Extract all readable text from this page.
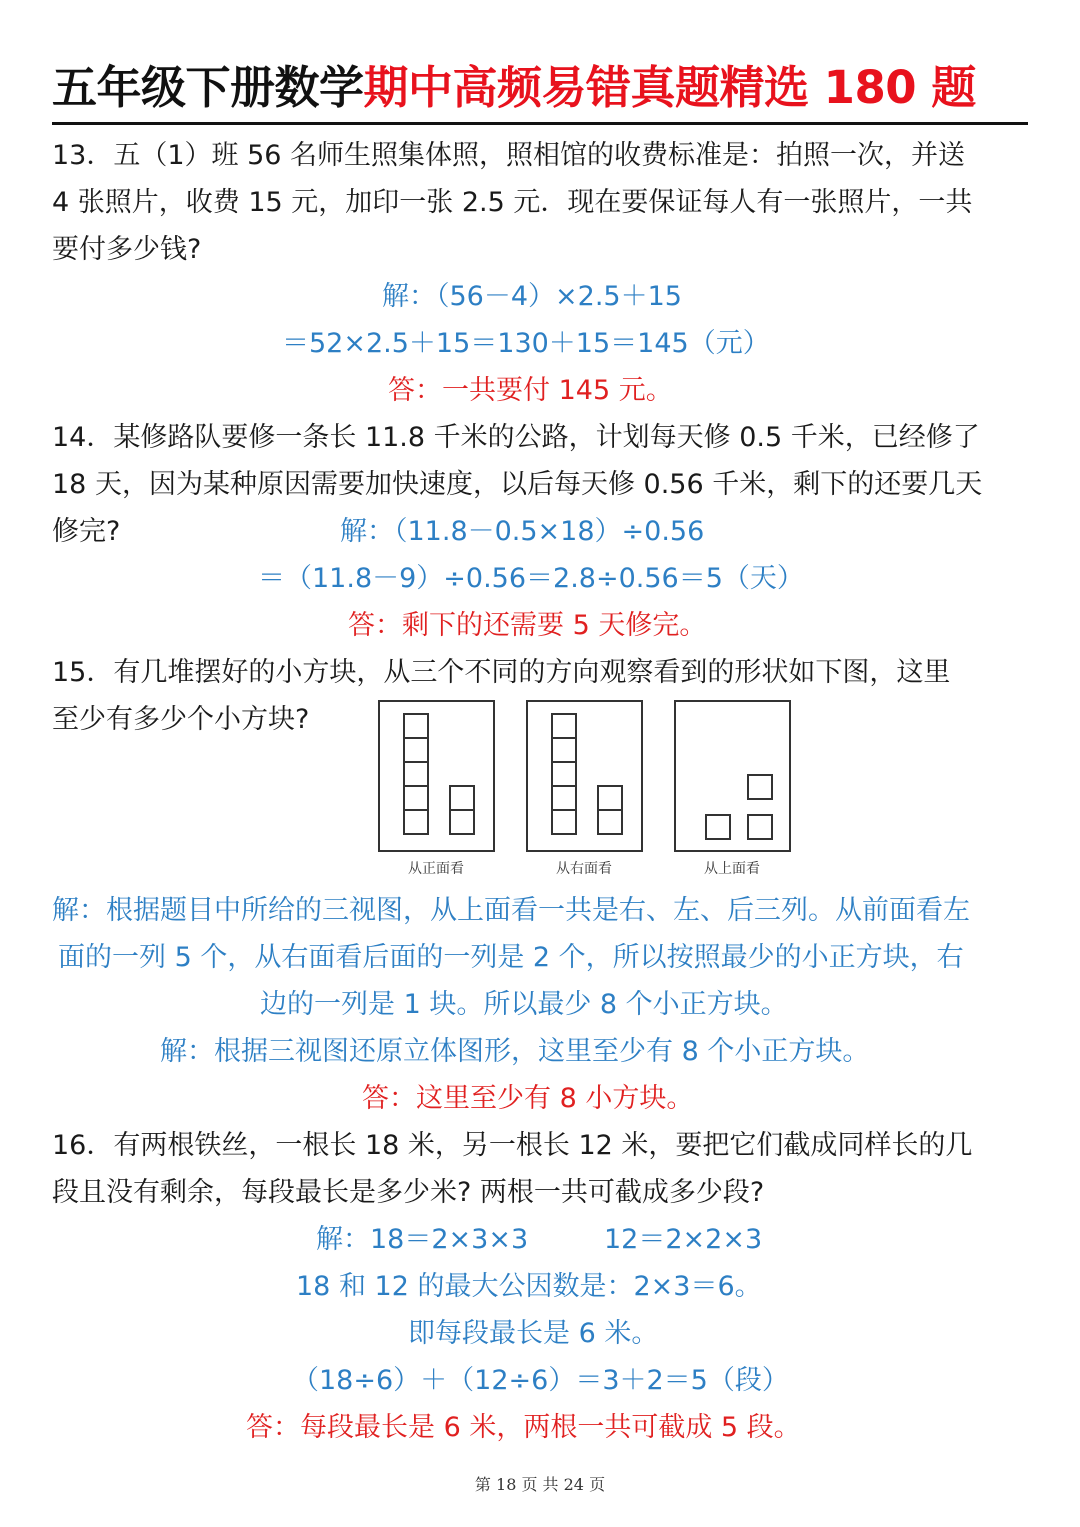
五年级下册数学期中高频易错真题精选 180 题
13．五（1）班 56 名师生照集体照，照相馆的收费标准是：拍照一次，并送
4 张照片，收费 15 元，加印一张 2.5 元．现在要保证每人有一张照片，一共
要付多少钱?
解：（56－4）×2.5＋15
＝52×2.5＋15＝130＋15＝145（元）
答：一共要付 145 元。
14．某修路队要修一条长 11.8 千米的公路，计划每天修 0.5 千米，已经修了
18 天，因为某种原因需要加快速度，以后每天修 0.56 千米，剩下的还要几天
修完?	解：（11.8－0.5×18）÷0.56
＝（11.8－9）÷0.56＝2.8÷0.56＝5（天）
答：剩下的还需要 5 天修完。
15．有几堆摆好的小方块，从三个不同的方向观察看到的形状如下图，这里
至少有多少个小方块?
从正面看	从右面看	从上面看
解：根据题目中所给的三视图，从上面看一共是右、左、后三列。从前面看左
面的一列 5 个，从右面看后面的一列是 2 个，所以按照最少的小正方块，右
边的一列是 1 块。所以最少 8 个小正方块。
解：根据三视图还原立体图形，这里至少有 8 个小正方块。
答：这里至少有 8 小方块。
16．有两根铁丝，一根长 18 米，另一根长 12 米，要把它们截成同样长的几
段且没有剩余，每段最长是多少米? 两根一共可截成多少段?
解：18＝2×3×3	12＝2×2×3
18 和 12 的最大公因数是：2×3＝6。
即每段最长是 6 米。
（18÷6）＋（12÷6）＝3＋2＝5（段）
答：每段最长是 6 米，两根一共可截成 5 段。
第 18 页 共 24 页
